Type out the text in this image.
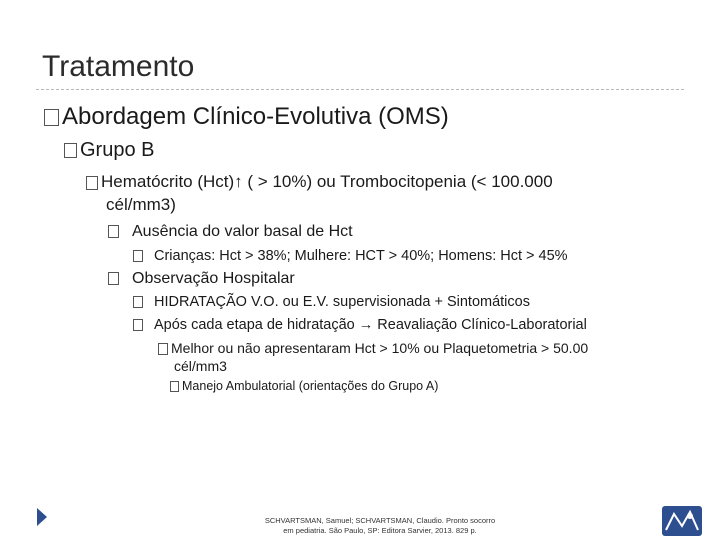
Tratamento
Abordagem Clínico-Evolutiva (OMS)
Grupo B
Hematócrito (Hct)↑ ( > 10%) ou Trombocitopenia (< 100.000
cél/mm3)
Ausência do valor basal de Hct
Crianças: Hct > 38%; Mulhere: HCT > 40%; Homens: Hct > 45%
Observação Hospitalar
HIDRATAÇÃO V.O. ou E.V. supervisionada + Sintomáticos
Após cada etapa de hidratação → Reavaliação Clínico-Laboratorial
Melhor ou não apresentaram Hct > 10% ou Plaquetometria > 50.00
cél/mm3
Manejo Ambulatorial (orientações do Grupo A)
SCHVARTSMAN, Samuel; SCHVARTSMAN, Claudio. Pronto socorro
em pediatria. São Paulo, SP: Editora Sarvier, 2013. 829 p.
